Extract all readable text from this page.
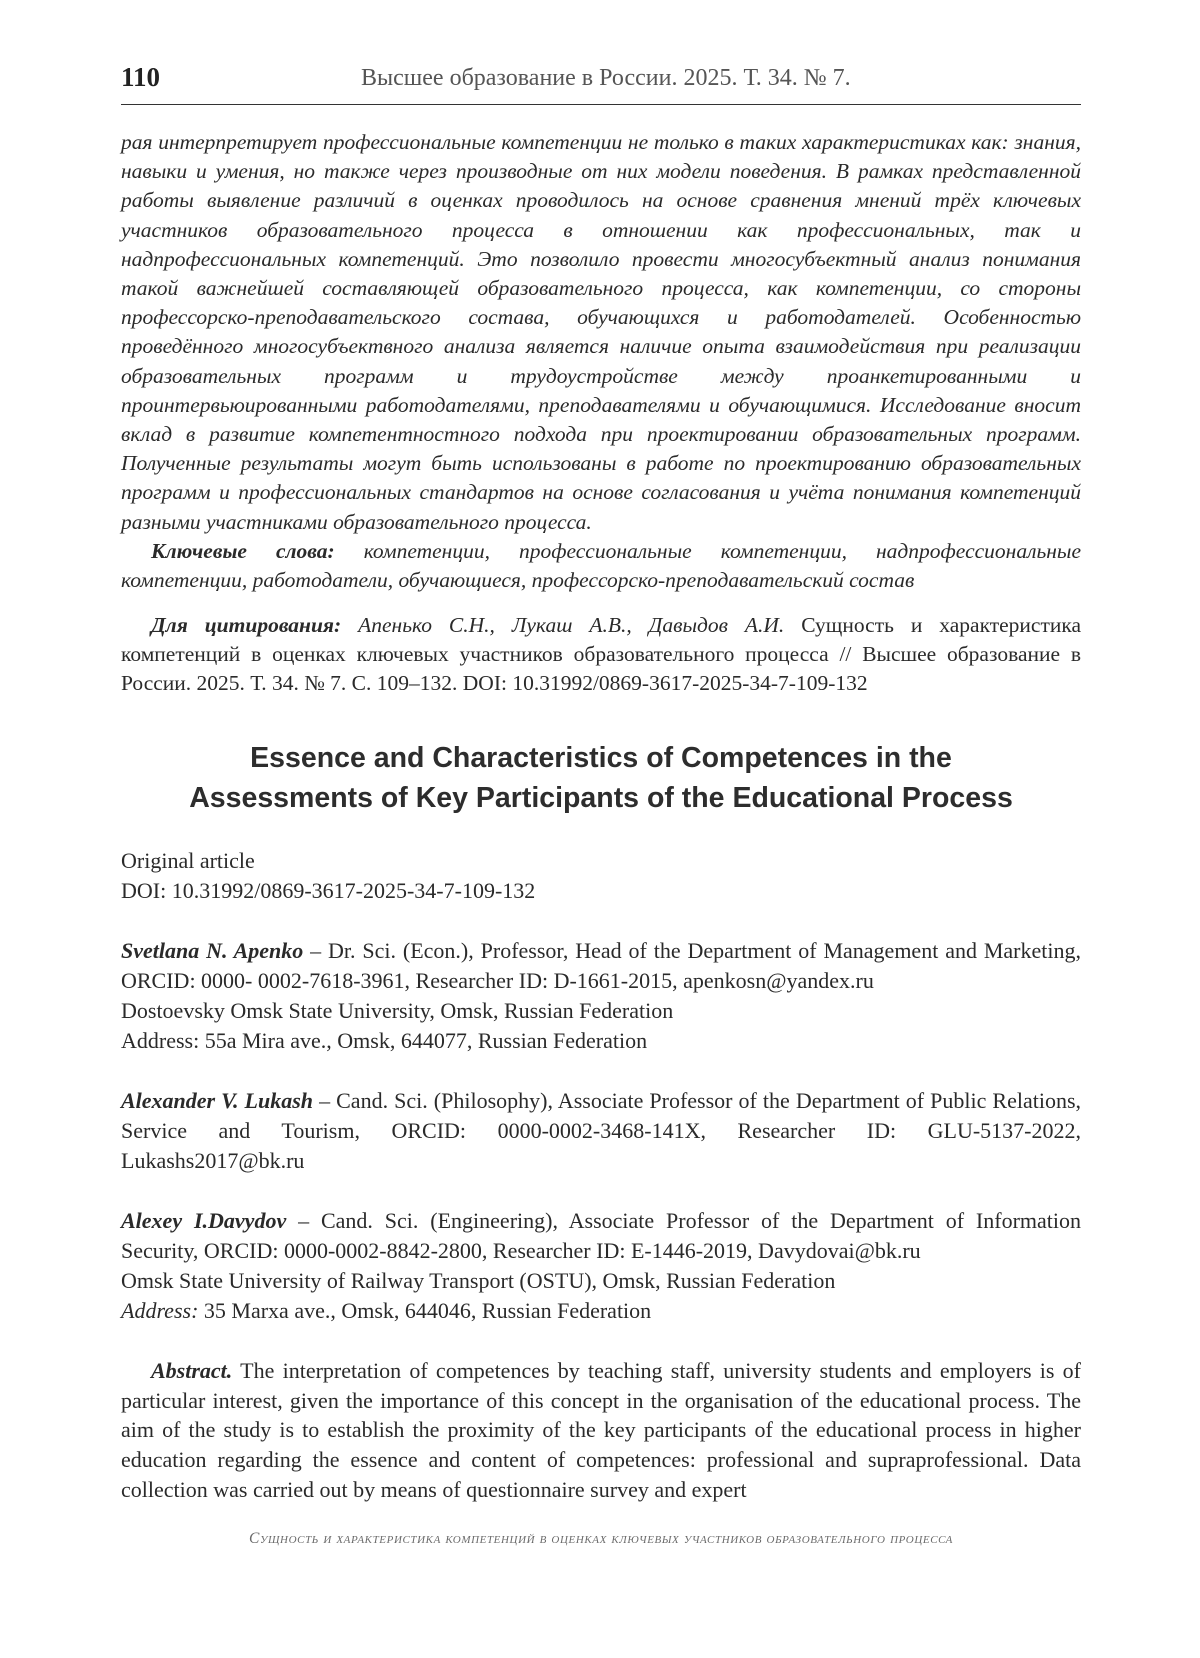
110	Высшее образование в России. 2025. Т. 34. № 7.

рая интерпретирует профессиональные компетенции не только в таких характеристиках как: знания, навыки и умения, но также через производные от них модели поведения. В рамках представленной работы выявление различий в оценках проводилось на основе сравнения мнений трёх ключевых участников образовательного процесса в отношении как профессиональных, так и надпрофессиональных компетенций. Это позволило провести многосубъектный анализ понимания такой важнейшей составляющей образовательного процесса, как компетенции, со стороны профессорско-преподавательского состава, обучающихся и работодателей. Особенностью проведённого многосубъектвного анализа является наличие опыта взаимодействия при реализации образовательных программ и трудоустройстве между проанкетированными и проинтервьюированными работодателями, преподавателями и обучающимися. Исследование вносит вклад в развитие компетентностного подхода при проектировании образовательных программ. Полученные результаты могут быть использованы в работе по проектированию образовательных программ и профессиональных стандартов на основе согласования и учёта понимания компетенций разными участниками образовательного процесса.

Ключевые слова: компетенции, профессиональные компетенции, надпрофессиональные компетенции, работодатели, обучающиеся, профессорско-преподавательский состав

Для цитирования: Апенько С.Н., Лукаш А.В., Давыдов А.И. Сущность и характеристика компетенций в оценках ключевых участников образовательного процесса // Высшее образование в России. 2025. Т. 34. № 7. С. 109–132. DOI: 10.31992/0869-3617-2025-34-7-109-132

Essence and Characteristics of Competences in the
Assessments of Key Participants of the Educational Process
Original article
DOI: 10.31992/0869-3617-2025-34-7-109-132
Svetlana N. Apenko – Dr. Sci. (Econ.), Professor, Head of the Department of Management and Marketing, ORCID: 0000- 0002-7618-3961, Researcher ID: D-1661-2015, apenkosn@yandex.ru
Dostoevsky Omsk State University, Omsk, Russian Federation
Address: 55a Mira ave., Omsk, 644077, Russian Federation
Alexander V. Lukash – Cand. Sci. (Philosophy), Associate Professor of the Department of Public Relations, Service and Tourism, ORCID: 0000-0002-3468-141X, Researcher ID: GLU-5137-2022, Lukashs2017@bk.ru
Alexey I.Davydov – Cand. Sci. (Engineering), Associate Professor of the Department of Information Security, ORCID: 0000-0002-8842-2800, Researcher ID: E-1446-2019, Davydovai@bk.ru
Omsk State University of Railway Transport (OSTU), Omsk, Russian Federation
Address: 35 Marxa ave., Omsk, 644046, Russian Federation

Abstract. The interpretation of competences by teaching staff, university students and employers is of particular interest, given the importance of this concept in the organisation of the educational process. The aim of the study is to establish the proximity of the key participants of the educational process in higher education regarding the essence and content of competences: professional and supraprofessional. Data collection was carried out by means of questionnaire survey and expert

Сущность и характеристика компетенций в оценках ключевых участников образовательного процесса
